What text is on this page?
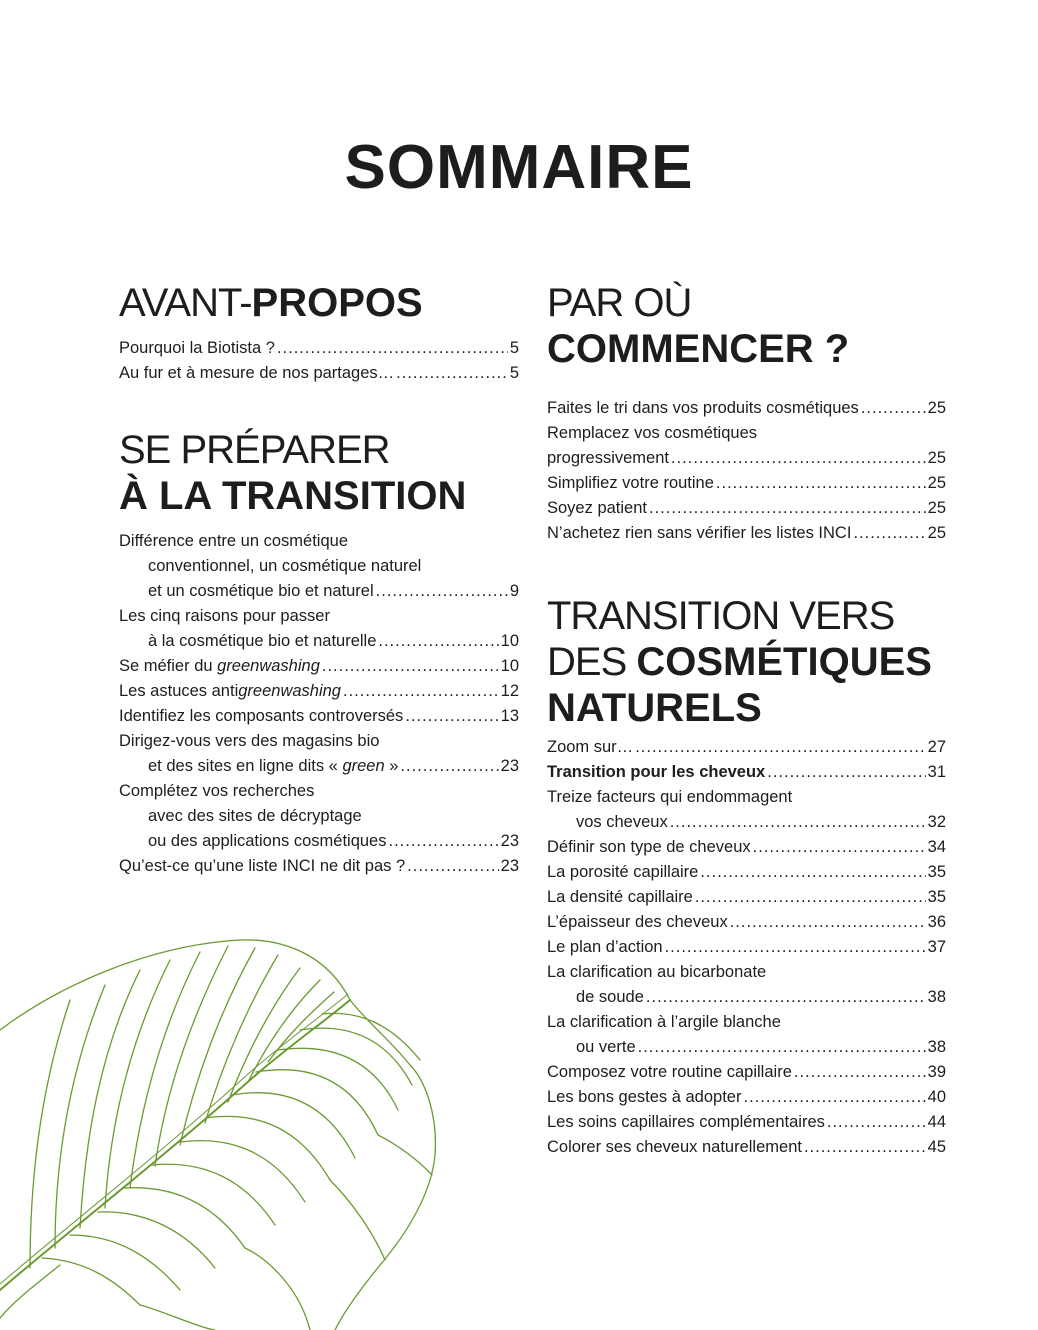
SOMMAIRE
AVANT-PROPOS
Pourquoi la Biotista ? .....	5
Au fur et à mesure de nos partages… .....	5
SE PRÉPARER
À LA TRANSITION
Différence entre un cosmétique
conventionnel, un cosmétique naturel
et un cosmétique bio et naturel .....	9
Les cinq raisons pour passer
à la cosmétique bio et naturelle .....	10
Se méfier du greenwashing .....	10
Les astuces antigreenwashing .....	12
Identifiez les composants controversés .....	13
Dirigez-vous vers des magasins bio
et des sites en ligne dits « green » .....	23
Complétez vos recherches
avec des sites de décryptage
ou des applications cosmétiques .....	23
Qu’est-ce qu’une liste INCI ne dit pas ? .....	23
PAR OÙ
COMMENCER ?
Faites le tri dans vos produits cosmétiques .....	25
Remplacez vos cosmétiques
progressivement .....	25
Simplifiez votre routine .....	25
Soyez patient .....	25
N’achetez rien sans vérifier les listes INCI .....	25
TRANSITION VERS
DES COSMÉTIQUES
NATURELS
Zoom sur… .....	27
Transition pour les cheveux .....	31
Treize facteurs qui endommagent
vos cheveux .....	32
Définir son type de cheveux .....	34
La porosité capillaire .....	35
La densité capillaire .....	35
L’épaisseur des cheveux .....	36
Le plan d’action .....	37
La clarification au bicarbonate
de soude .....	38
La clarification à l’argile blanche
ou verte .....	38
Composez votre routine capillaire .....	39
Les bons gestes à adopter .....	40
Les soins capillaires complémentaires .....	44
Colorer ses cheveux naturellement .....	45
